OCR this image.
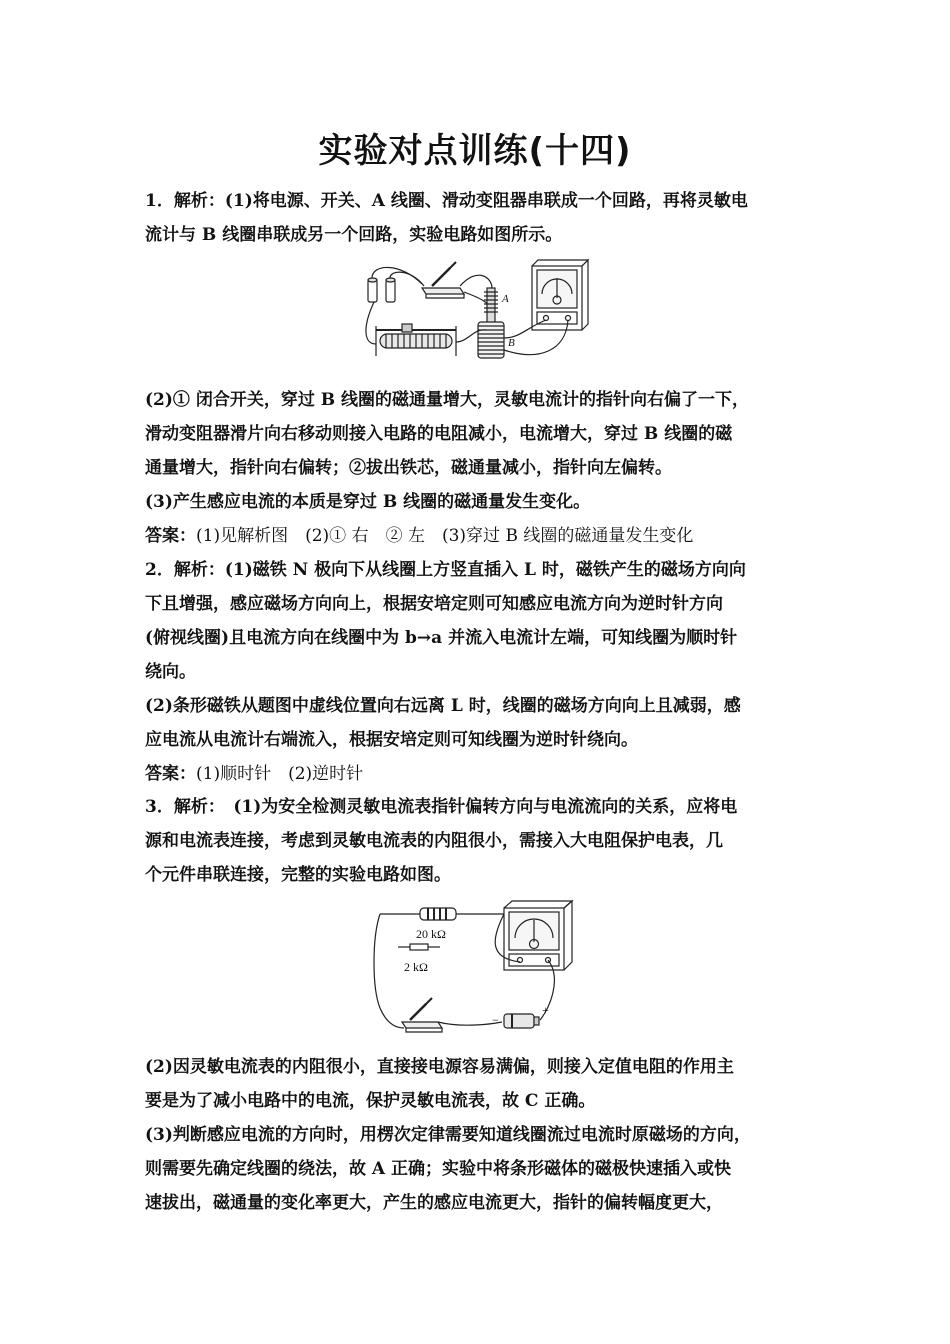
实验对点训练(十四)
1．解析：(1)将电源、开关、A 线圈、滑动变阻器串联成一个回路，再将灵敏电
流计与 B 线圈串联成另一个回路，实验电路如图所示。
A
B
(2)① 闭合开关，穿过 B 线圈的磁通量增大，灵敏电流计的指针向右偏了一下，
滑动变阻器滑片向右移动则接入电路的电阻减小，电流增大，穿过 B 线圈的磁
通量增大，指针向右偏转；②拔出铁芯，磁通量减小，指针向左偏转。
(3)产生感应电流的本质是穿过 B 线圈的磁通量发生变化。
答案：(1)见解析图　(2)① 右　② 左　(3)穿过 B 线圈的磁通量发生变化
2．解析：(1)磁铁 N 极向下从线圈上方竖直插入 L 时，磁铁产生的磁场方向向
下且增强，感应磁场方向向上，根据安培定则可知感应电流方向为逆时针方向
(俯视线圈)且电流方向在线圈中为 b→a 并流入电流计左端，可知线圈为顺时针
绕向。
(2)条形磁铁从题图中虚线位置向右远离 L 时，线圈的磁场方向向上且减弱，感
应电流从电流计右端流入，根据安培定则可知线圈为逆时针绕向。
答案：(1)顺时针　(2)逆时针
3．解析：　(1)为安全检测灵敏电流表指针偏转方向与电流流向的关系，应将电
源和电流表连接，考虑到灵敏电流表的内阻很小，需接入大电阻保护电表，几
个元件串联连接，完整的实验电路如图。
20 kΩ
2 kΩ
−
+
(2)因灵敏电流表的内阻很小，直接接电源容易满偏，则接入定值电阻的作用主
要是为了减小电路中的电流，保护灵敏电流表，故 C 正确。
(3)判断感应电流的方向时，用楞次定律需要知道线圈流过电流时原磁场的方向，
则需要先确定线圈的绕法，故 A 正确；实验中将条形磁体的磁极快速插入或快
速拔出，磁通量的变化率更大，产生的感应电流更大，指针的偏转幅度更大，
